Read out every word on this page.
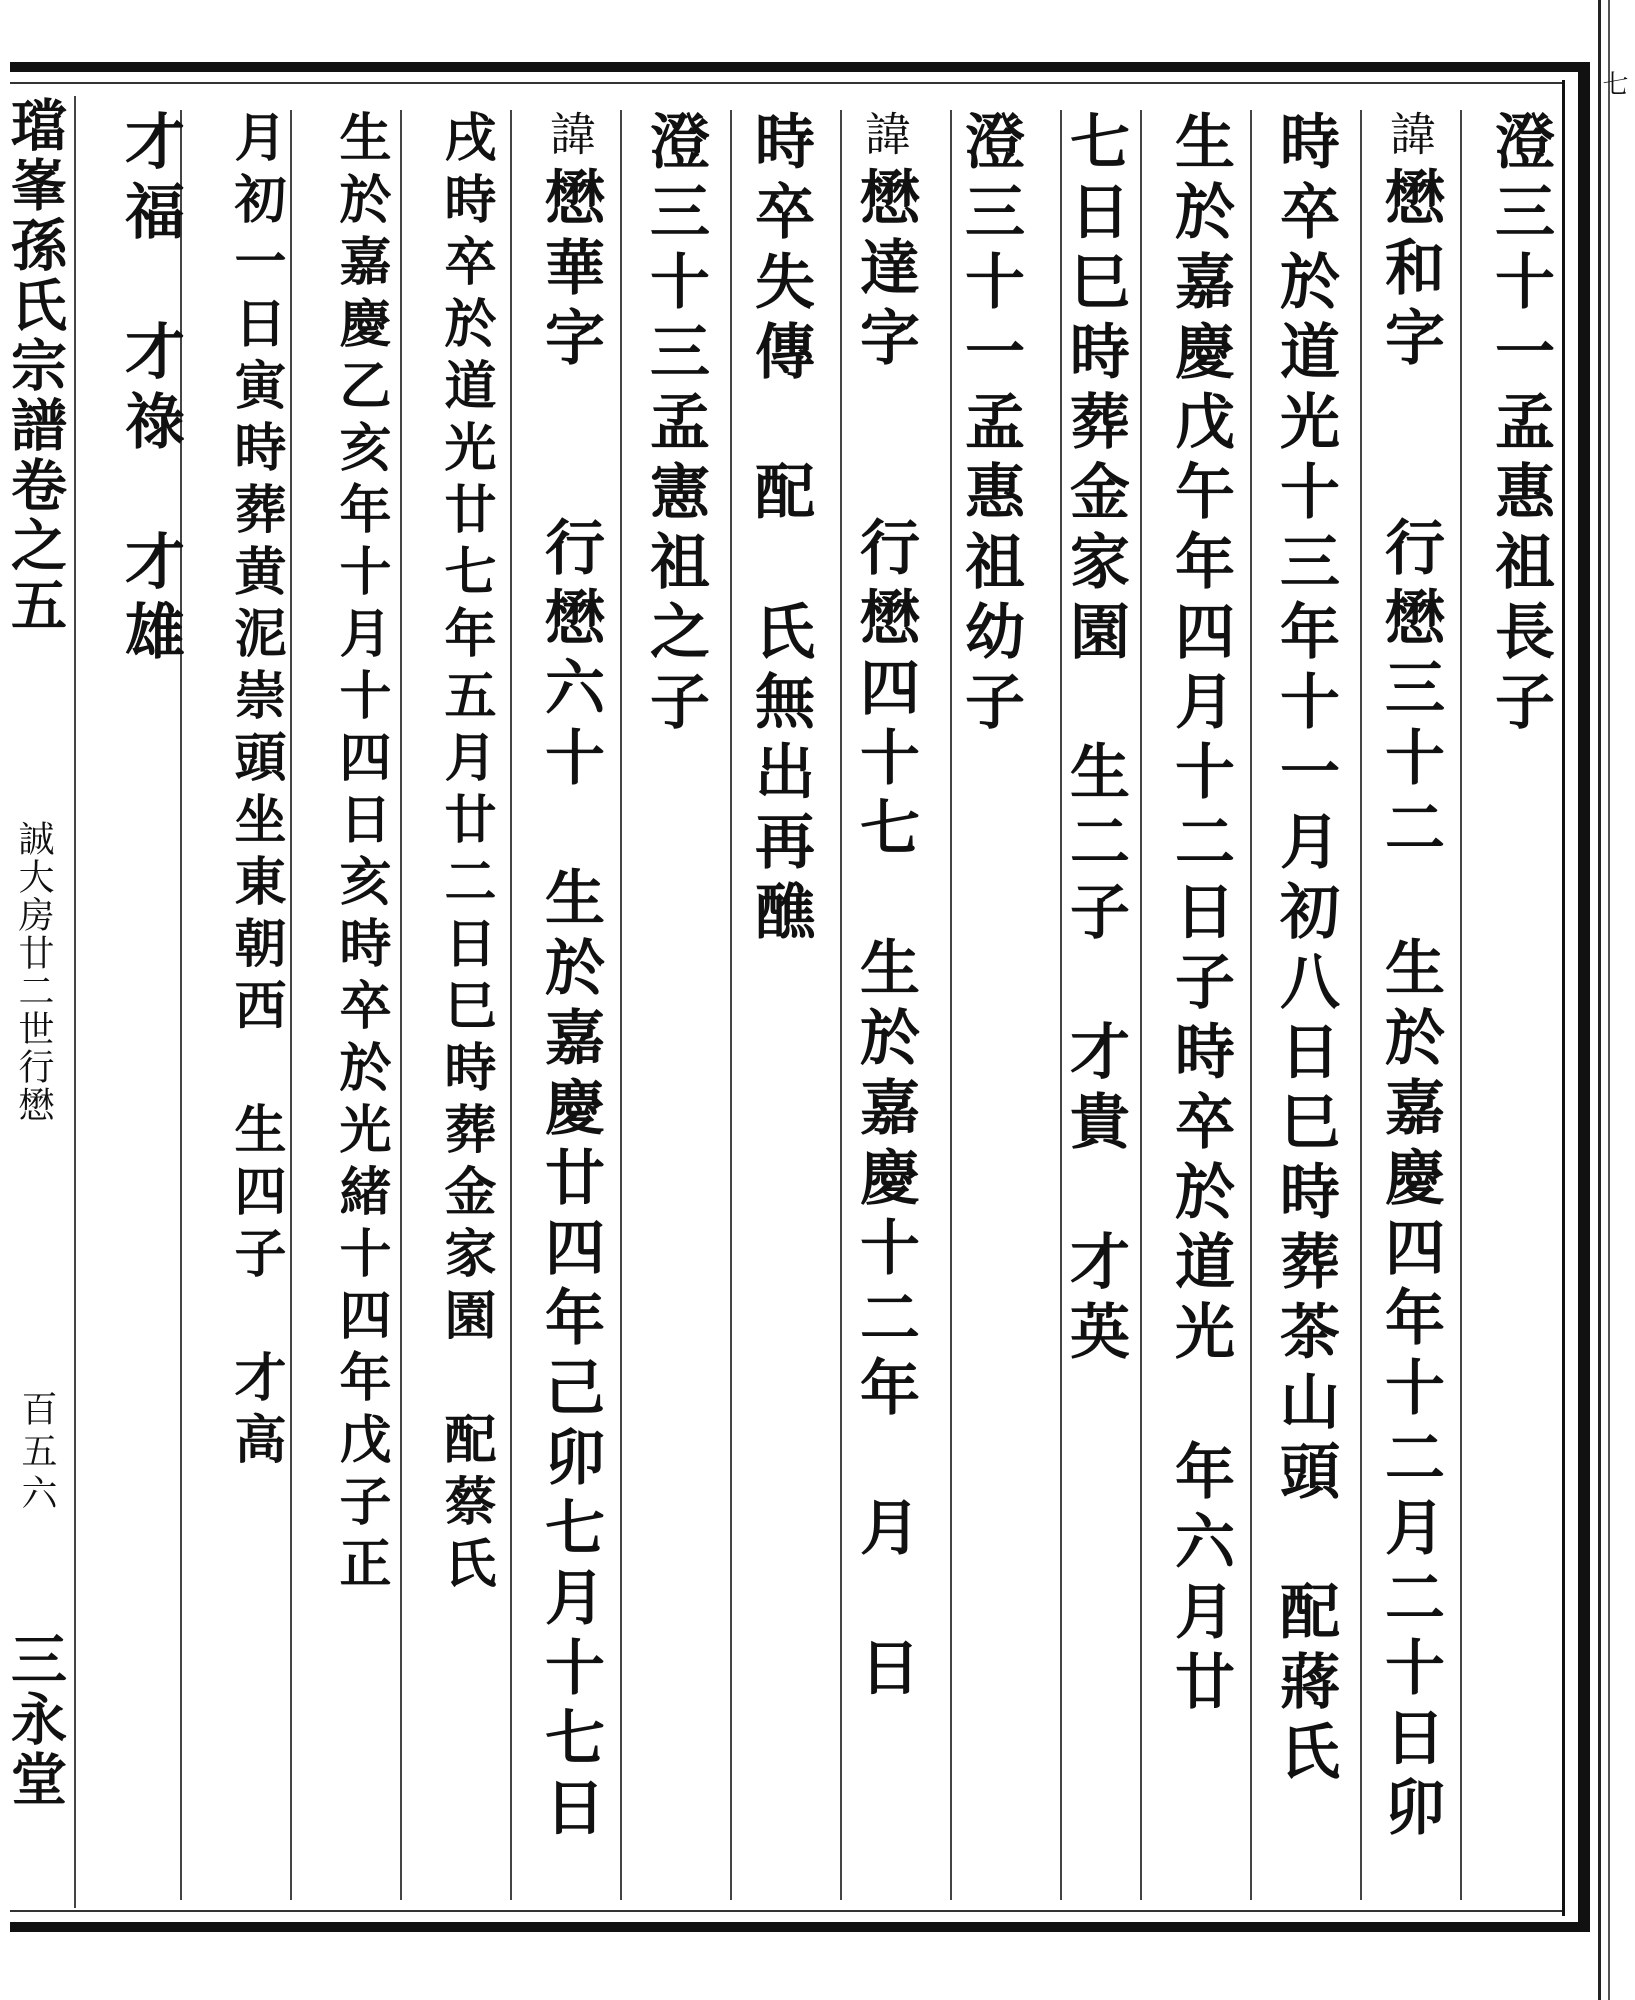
七
璫峯孫氏宗譜卷之五
誠大房廿二世行懋
百五六
三永堂
澄三十一孟惠祖長子
諱懋和字　　行懋三十二　生於嘉慶四年十二月二十日卯
時卒於道光十三年十一月初八日巳時葬茶山頭　配蔣氏
生於嘉慶戊午年四月十二日子時卒於道光　年六月廿
七日巳時葬金家園　生二子　才貴　才英
澄三十一孟惠祖幼子
諱懋達字　　行懋四十七　生於嘉慶十二年　月　日
時卒失傳　配　氏無出再醮
澄三十三孟憲祖之子
諱懋華字　　行懋六十　生於嘉慶廿四年己卯七月十七日
戌時卒於道光廿七年五月廿二日巳時葬金家園　配蔡氏
生於嘉慶乙亥年十月十四日亥時卒於光緒十四年戊子正
月初一日寅時葬黄泥崇頭坐東朝西　生四子　才高
才福　才祿　才雄
